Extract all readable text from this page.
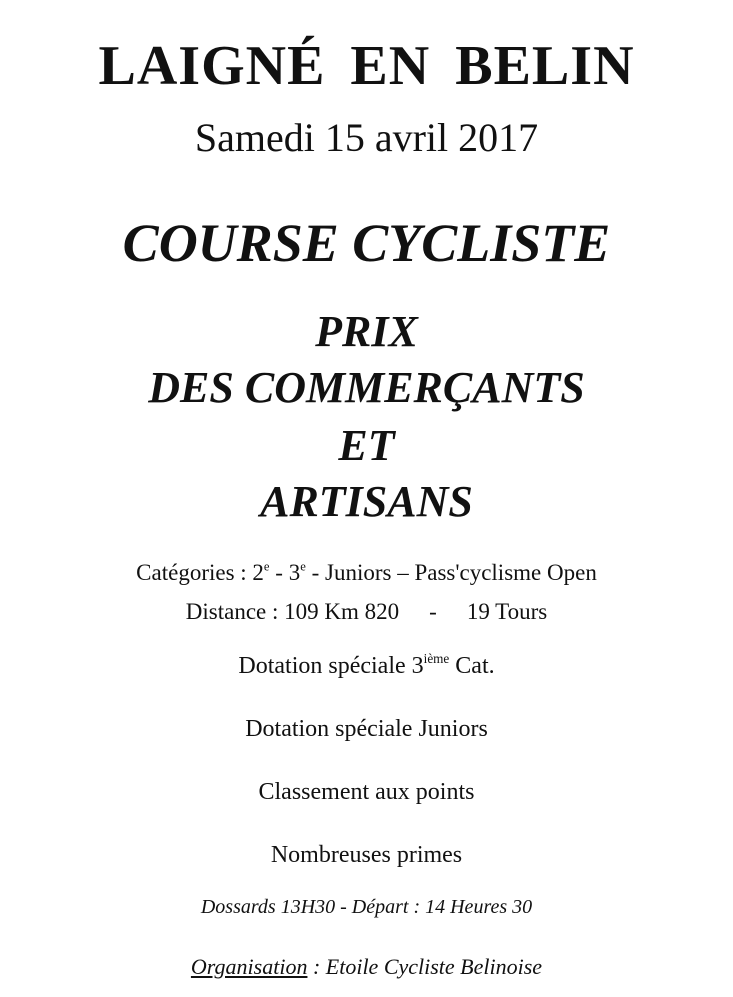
LAIGNÉ EN BELIN
Samedi 15 avril 2017
COURSE CYCLISTE
PRIX
DES COMMERÇANTS
ET
ARTISANS
Catégories : 2e - 3e - Juniors – Pass'cyclisme Open
Distance : 109 Km 820 - 19 Tours
Dotation spéciale 3ième Cat.
Dotation spéciale Juniors
Classement aux points
Nombreuses primes
Dossards 13H30 - Départ : 14 Heures 30
Organisation : Etoile Cycliste Belinoise
